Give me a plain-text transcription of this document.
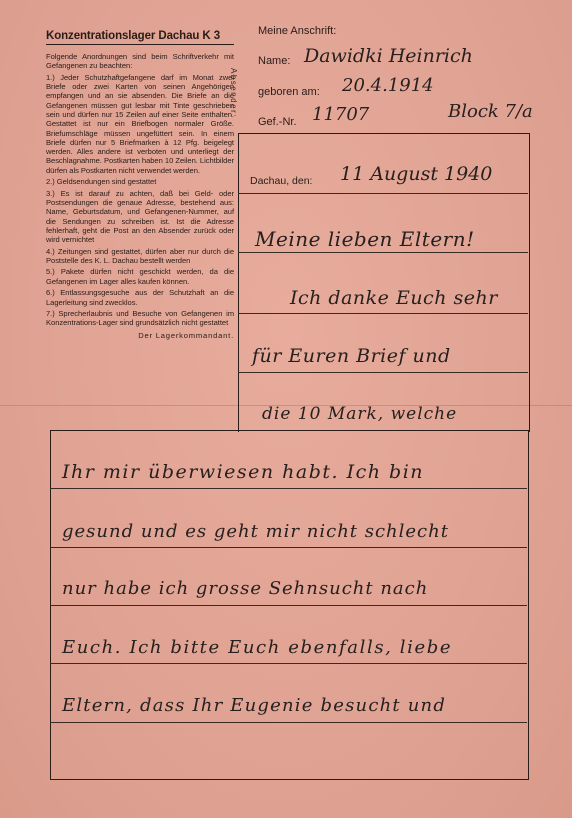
Konzentrationslager Dachau K 3

Folgende Anordnungen sind beim Schriftverkehr mit Gefangenen zu beachten:

1.) Jeder Schutzhaftgefangene darf im Monat zwei Briefe oder zwei Karten von seinen Angehörigen empfangen und an sie absenden. Die Briefe an die Gefangenen müssen gut lesbar mit Tinte geschrieben sein und dürfen nur 15 Zeilen auf einer Seite enthalten. Gestattet ist nur ein Briefbogen normaler Größe. Briefumschläge müssen ungefüttert sein. In einem Briefe dürfen nur 5 Briefmarken à 12 Pfg. beigelegt werden. Alles andere ist verboten und unterliegt der Beschlagnahme. Postkarten haben 10 Zeilen. Lichtbilder dürfen als Postkarten nicht verwendet werden.

2.) Geldsendungen sind gestattet

3.) Es ist darauf zu achten, daß bei Geld- oder Postsendungen die genaue Adresse, bestehend aus: Name, Geburtsdatum, und Gefangenen-Nummer, auf die Sendungen zu schreiben ist. Ist die Adresse fehlerhaft, geht die Post an den Absender zurück oder wird vernichtet

4.) Zeitungen sind gestattet, dürfen aber nur durch die Poststelle des K. L. Dachau bestellt werden

5.) Pakete dürfen nicht geschickt werden, da die Gefangenen im Lager alles kaufen können.

6.) Entlassungsgesuche aus der Schutzhaft an die Lagerleitung sind zwecklos.

7.) Sprecherlaubnis und Besuche von Gefangenen im Konzentrations-Lager sind grundsätzlich nicht gestattet

Der Lagerkommandant.

Absender:
Meine Anschrift:
Name: Dawidki Heinrich
geboren am: 20.4.1914
Gef.-Nr. 11707	Block 7/a
Dachau, den: 11 August 1940
Meine lieben Eltern!
Ich danke Euch sehr
für Euren Brief und
die 10 Mark, welche
Ihr mir überwiesen habt. Ich bin
gesund und es geht mir nicht schlecht
nur habe ich grosse Sehnsucht nach
Euch. Ich bitte Euch ebenfalls, liebe
Eltern, dass Ihr Eugenie besucht und
